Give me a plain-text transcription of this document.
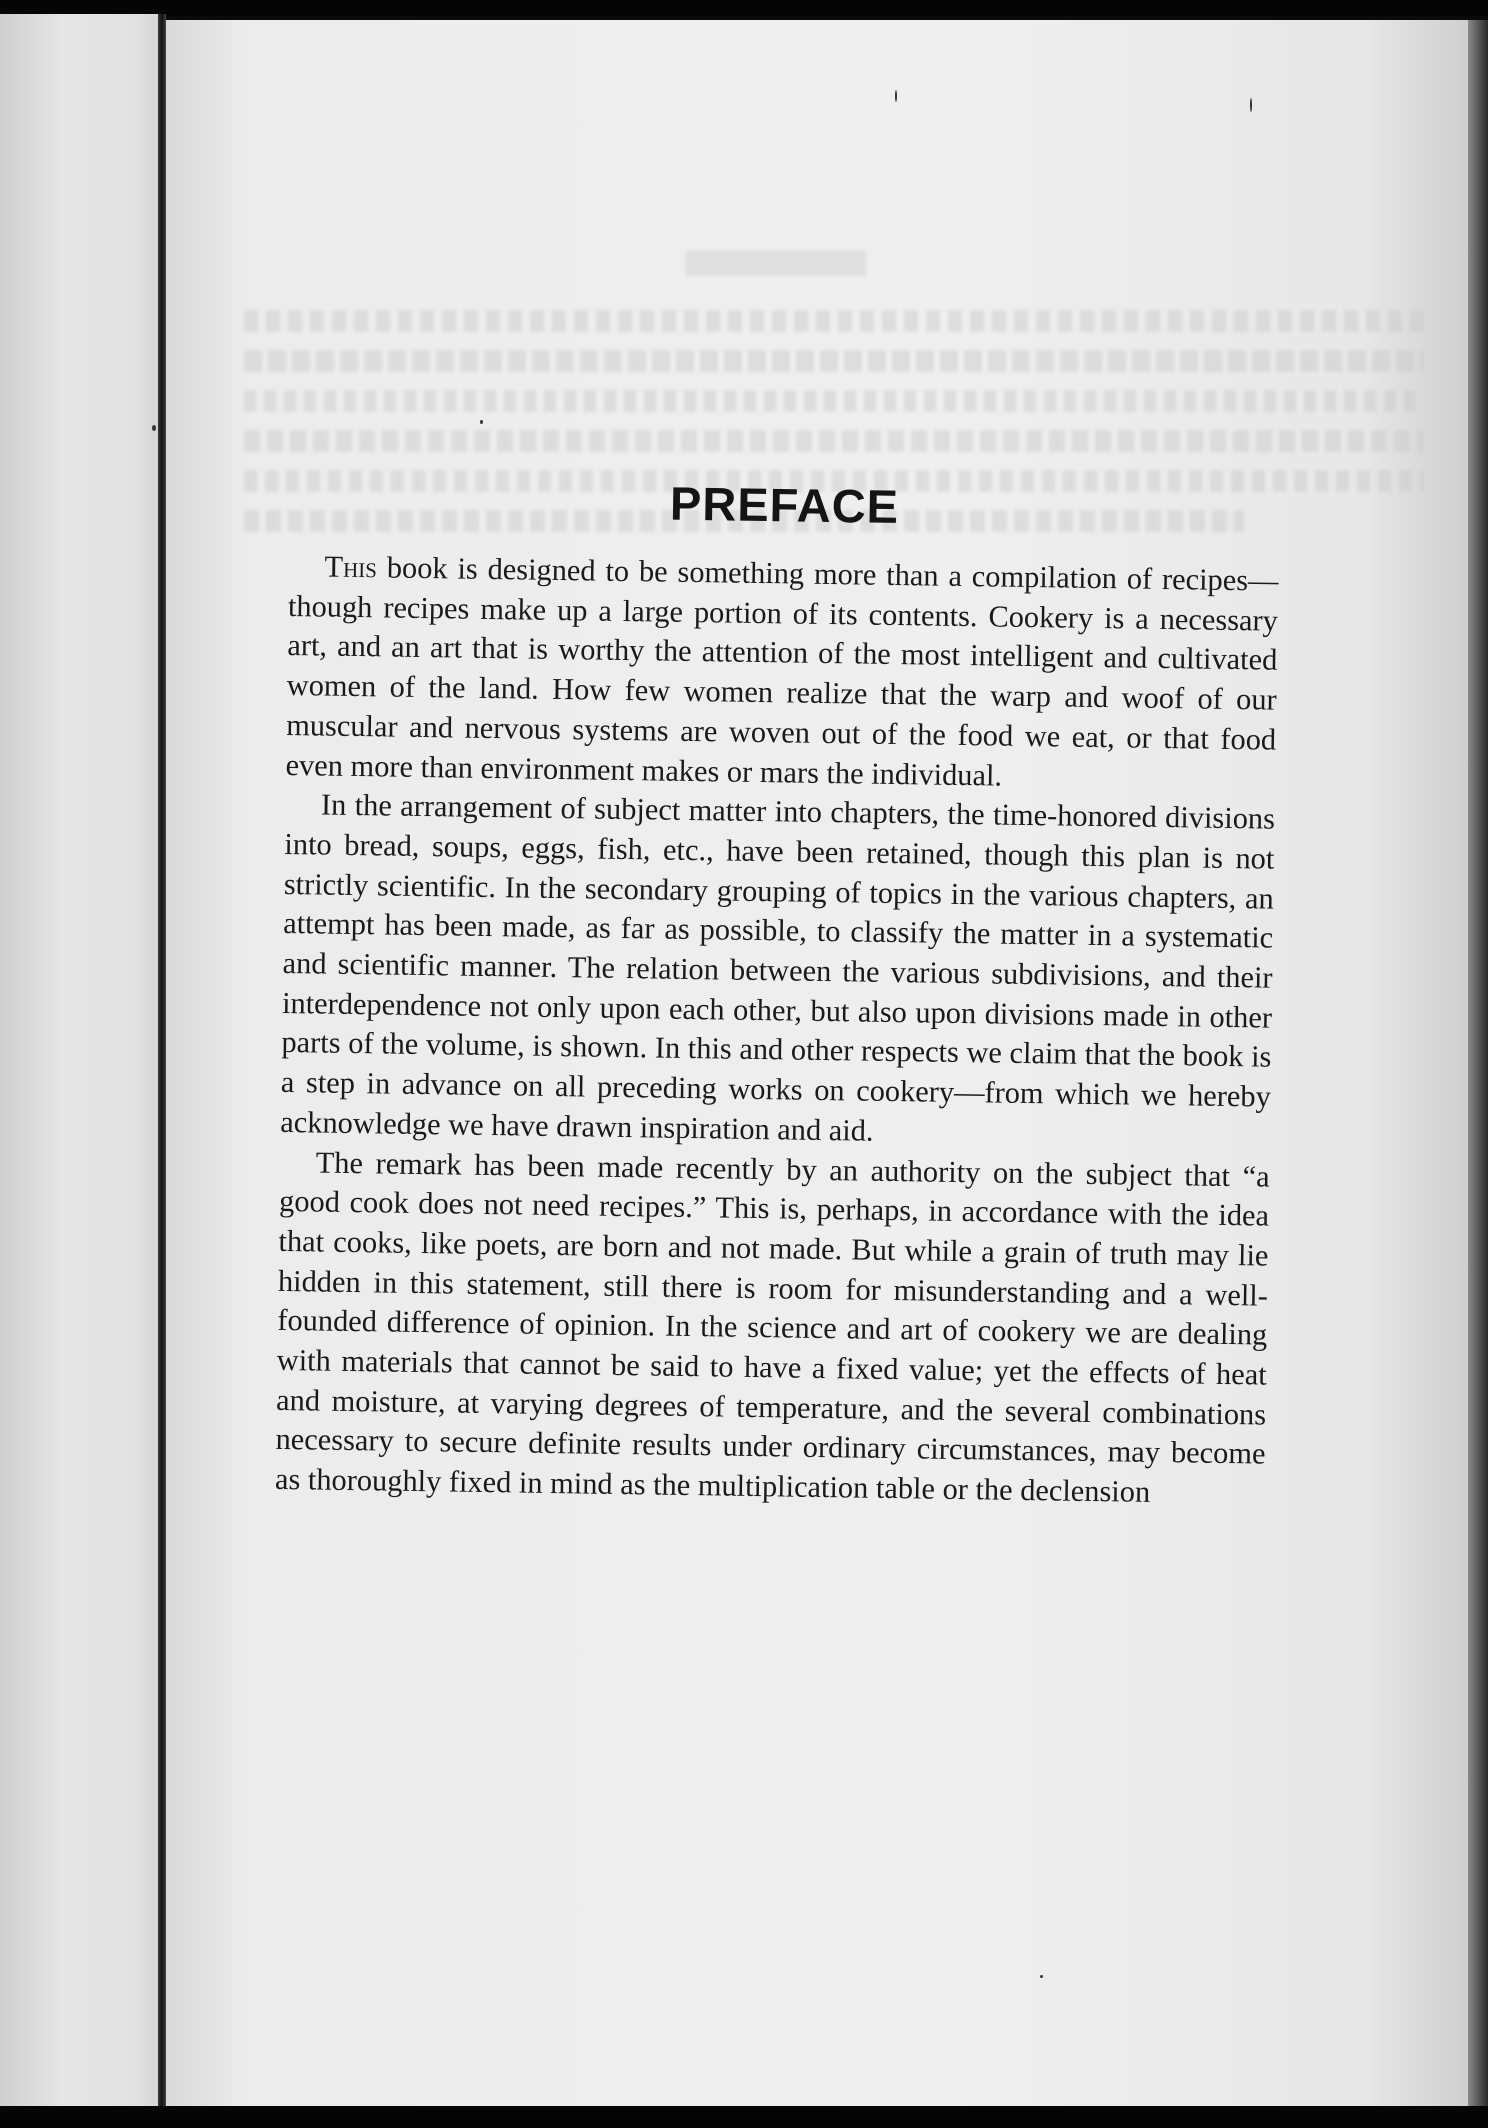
PREFACE

This book is designed to be something more than a compilation of recipes—though recipes make up a large portion of its contents. Cookery is a necessary art, and an art that is worthy the attention of the most intelligent and cultivated women of the land. How few women realize that the warp and woof of our muscular and nervous systems are woven out of the food we eat, or that food even more than environment makes or mars the individual.

In the arrangement of subject matter into chapters, the time-honored divisions into bread, soups, eggs, fish, etc., have been retained, though this plan is not strictly scientific. In the secondary grouping of topics in the various chapters, an attempt has been made, as far as possible, to classify the matter in a systematic and scientific manner. The relation between the various subdivisions, and their interdependence not only upon each other, but also upon divisions made in other parts of the volume, is shown. In this and other respects we claim that the book is a step in advance on all preceding works on cookery—from which we hereby acknowledge we have drawn inspiration and aid.

The remark has been made recently by an authority on the subject that “a good cook does not need recipes.” This is, perhaps, in accordance with the idea that cooks, like poets, are born and not made. But while a grain of truth may lie hidden in this statement, still there is room for misunderstanding and a well-founded difference of opinion. In the science and art of cookery we are dealing with materials that cannot be said to have a fixed value; yet the effects of heat and moisture, at varying degrees of temperature, and the several combinations necessary to secure definite results under ordinary circumstances, may become as thoroughly fixed in mind as the multiplication table or the declension
